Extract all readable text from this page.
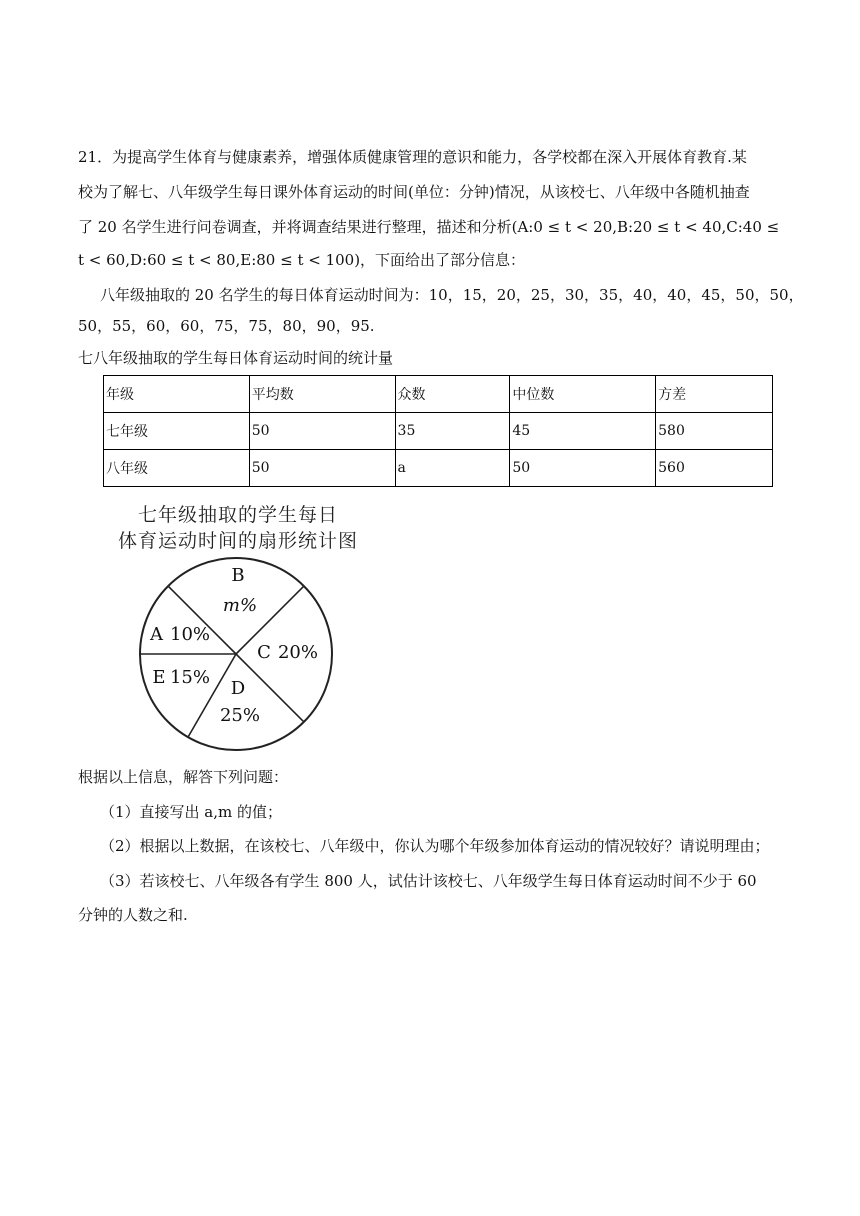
21．为提高学生体育与健康素养，增强体质健康管理的意识和能力，各学校都在深入开展体育教育.某
校为了解七、八年级学生每日课外体育运动的时间(单位：分钟)情况，从该校七、八年级中各随机抽查
了 20 名学生进行问卷调查，并将调查结果进行整理，描述和分析(A:0 ≤ t < 20,B:20 ≤ t < 40,C:40 ≤
t < 60,D:60 ≤ t < 80,E:80 ≤ t < 100)，下面给出了部分信息：
八年级抽取的 20 名学生的每日体育运动时间为：10，15，20，25，30，35，40，40，45，50，50，
50，55，60，60，75，75，80，90，95.
七八年级抽取的学生每日体育运动时间的统计量
年级	平均数	众数	中位数	方差
七年级	50	35	45	580
八年级	50	a	50	560
七年级抽取的学生每日
体育运动时间的扇形统计图
B
m%
A 10%
C 20%
E 15%
D
25%
根据以上信息，解答下列问题：
（1）直接写出 a,m 的值；
（2）根据以上数据，在该校七、八年级中，你认为哪个年级参加体育运动的情况较好？请说明理由；
（3）若该校七、八年级各有学生 800 人，试估计该校七、八年级学生每日体育运动时间不少于 60
分钟的人数之和.
